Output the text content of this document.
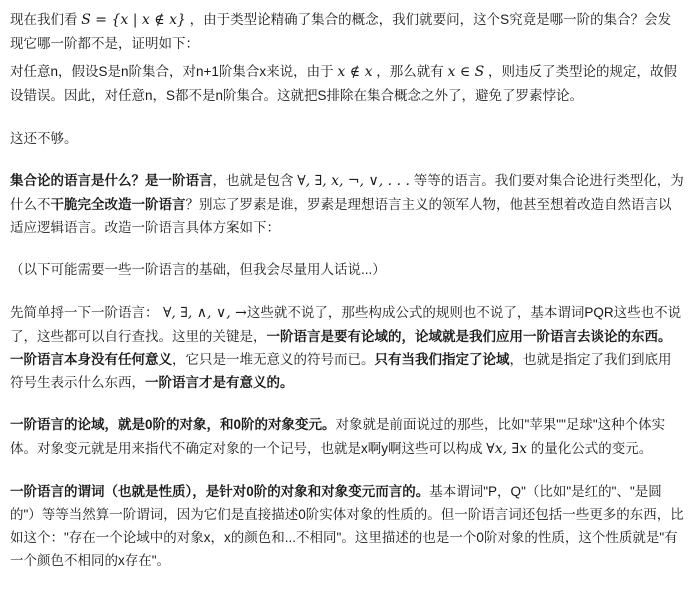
现在我们看 S = {x | x ∉ x} ，由于类型论精确了集合的概念，我们就要问，这个S究竟是哪一阶的集合？会发现它哪一阶都不是，证明如下：

对任意n，假设S是n阶集合，对n+1阶集合x来说，由于 x ∉ x ，那么就有 x ∈ S ，则违反了类型论的规定，故假设错误。因此，对任意n，S都不是n阶集合。这就把S排除在集合概念之外了，避免了罗素悖论。

这还不够。

集合论的语言是什么？是一阶语言，也就是包含 ∀, ∃, x, ¬, ∨, . . . 等等的语言。我们要对集合论进行类型化，为什么不干脆完全改造一阶语言？别忘了罗素是谁，罗素是理想语言主义的领军人物，他甚至想着改造自然语言以适应逻辑语言。改造一阶语言具体方案如下：

（以下可能需要一些一阶语言的基础，但我会尽量用人话说...）

先简单捋一下一阶语言： ∀, ∃, ∧, ∨, →这些就不说了，那些构成公式的规则也不说了，基本谓词PQR这些也不说了，这些都可以自行查找。这里的关键是，一阶语言是要有论域的，论域就是我们应用一阶语言去谈论的东西。一阶语言本身没有任何意义，它只是一堆无意义的符号而已。只有当我们指定了论域，也就是指定了我们到底用符号生表示什么东西，一阶语言才是有意义的。

一阶语言的论域，就是0阶的对象，和0阶的对象变元。对象就是前面说过的那些，比如"苹果""足球"这种个体实体。对象变元就是用来指代不确定对象的一个记号，也就是x啊y啊这些可以构成 ∀x, ∃x 的量化公式的变元。

一阶语言的谓词（也就是性质），是针对0阶的对象和对象变元而言的。基本谓词"P，Q"（比如"是红的"、"是圆的"）等等当然算一阶谓词，因为它们是直接描述0阶实体对象的性质的。但一阶语言词还包括一些更多的东西，比如这个："存在一个论域中的对象x，x的颜色和...不相同"。这里描述的也是一个0阶对象的性质，这个性质就是"有一个颜色不相同的x存在"。
